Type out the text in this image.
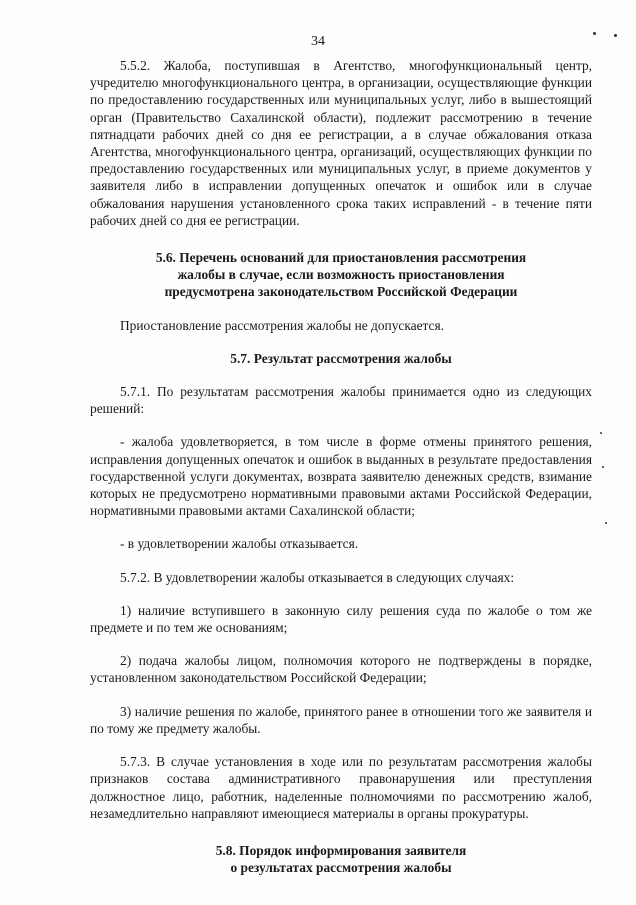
34

5.5.2. Жалоба, поступившая в Агентство, многофункциональный центр, учредителю многофункционального центра, в организации, осуществляющие функции по предоставлению государственных или муниципальных услуг, либо в вышестоящий орган (Правительство Сахалинской области), подлежит рассмотрению в течение пятнадцати рабочих дней со дня ее регистрации, а в случае обжалования отказа Агентства, многофункционального центра, организаций, осуществляющих функции по предоставлению государственных или муниципальных услуг, в приеме документов у заявителя либо в исправлении допущенных опечаток и ошибок или в случае обжалования нарушения установленного срока таких исправлений - в течение пяти рабочих дней со дня ее регистрации.

5.6. Перечень оснований для приостановления рассмотрения
жалобы в случае, если возможность приостановления
предусмотрена законодательством Российской Федерации

Приостановление рассмотрения жалобы не допускается.

5.7. Результат рассмотрения жалобы

5.7.1. По результатам рассмотрения жалобы принимается одно из следующих решений:

- жалоба удовлетворяется, в том числе в форме отмены принятого решения, исправления допущенных опечаток и ошибок в выданных в результате предоставления государственной услуги документах, возврата заявителю денежных средств, взимание которых не предусмотрено нормативными правовыми актами Российской Федерации, нормативными правовыми актами Сахалинской области;

- в удовлетворении жалобы отказывается.

5.7.2. В удовлетворении жалобы отказывается в следующих случаях:

1) наличие вступившего в законную силу решения суда по жалобе о том же предмете и по тем же основаниям;

2) подача жалобы лицом, полномочия которого не подтверждены в порядке, установленном законодательством Российской Федерации;

3) наличие решения по жалобе, принятого ранее в отношении того же заявителя и по тому же предмету жалобы.

5.7.3. В случае установления в ходе или по результатам рассмотрения жалобы признаков состава административного правонарушения или преступления должностное лицо, работник, наделенные полномочиями по рассмотрению жалоб, незамедлительно направляют имеющиеся материалы в органы прокуратуры.

5.8. Порядок информирования заявителя
о результатах рассмотрения жалобы
